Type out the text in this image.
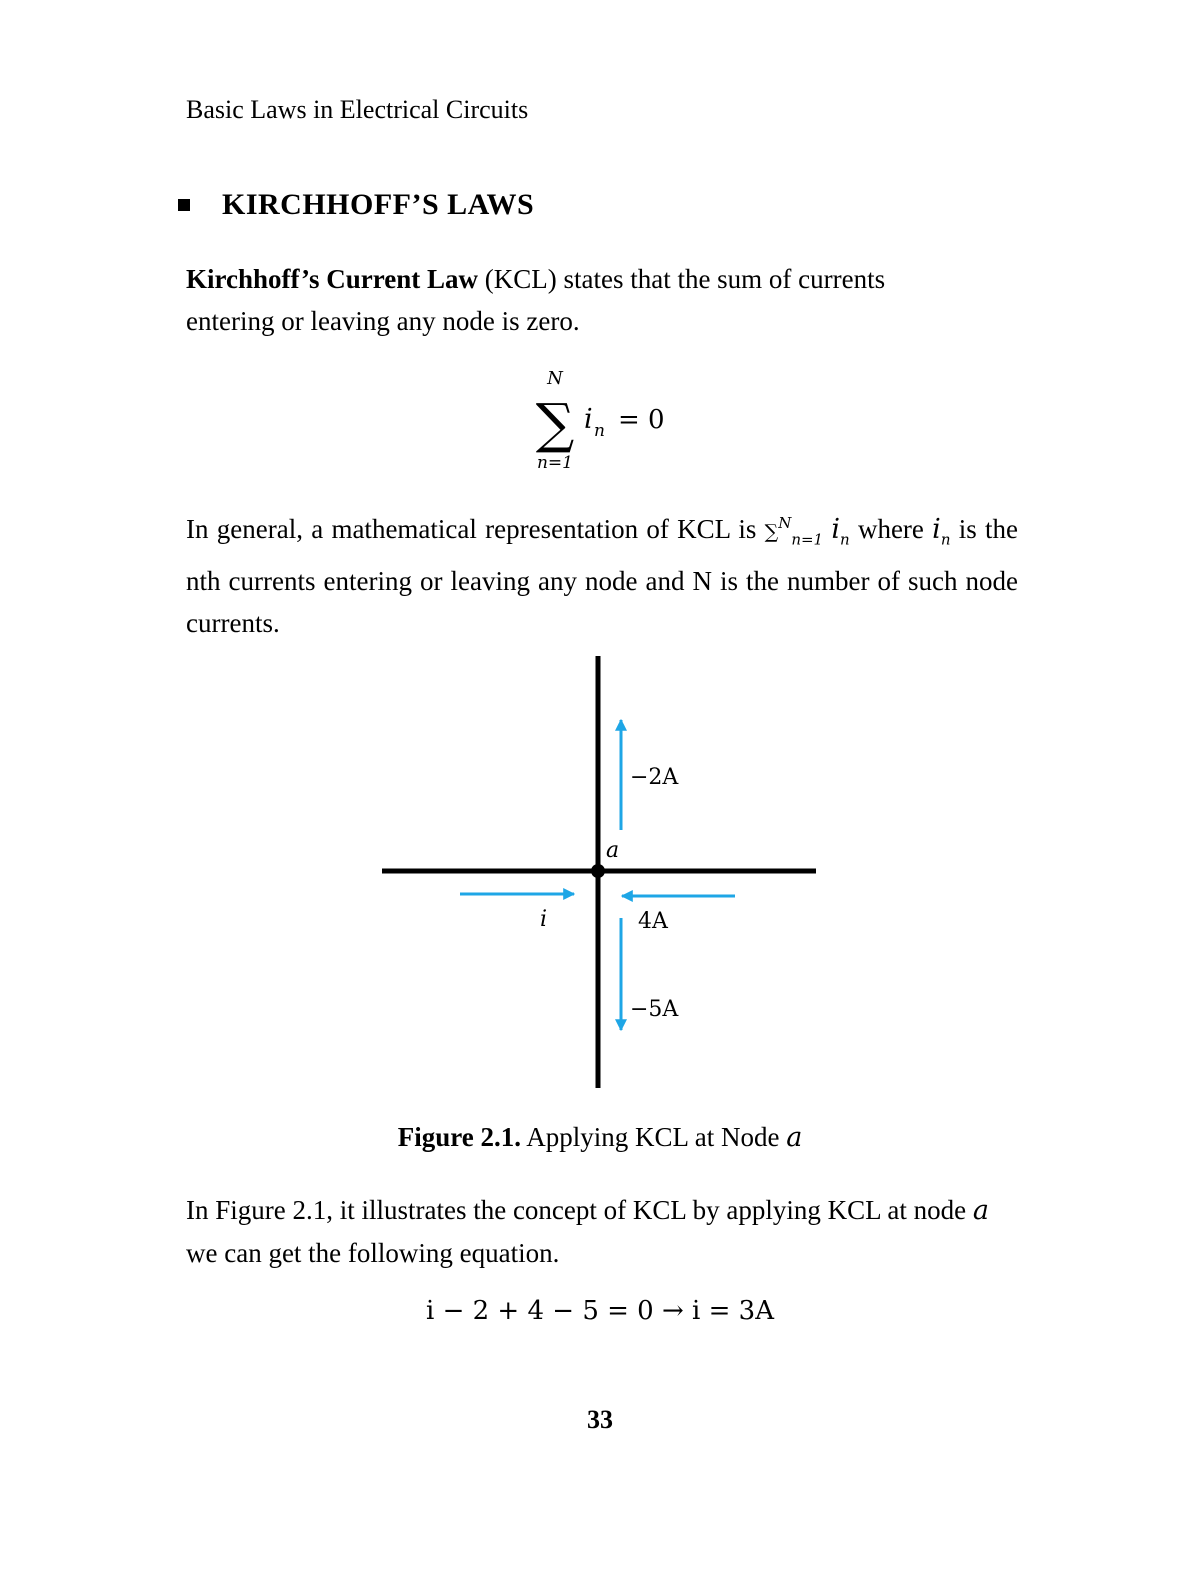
Basic Laws in Electrical Circuits
KIRCHHOFF’S LAWS
Kirchhoff’s Current Law (KCL) states that the sum of currents
entering or leaving any node is zero.
N
∑
n=1
i n = 0
In general, a mathematical representation of KCL is ∑$^N_{n=1}$ $i_n$ where $i_n$ is the nth currents entering or leaving any node and N is the number of such node currents.
a
−2A
i	4A
−5A
Figure 2.1. Applying KCL at Node a
In Figure 2.1, it illustrates the concept of KCL by applying KCL at node a we can get the following equation.
i − 2 + 4 − 5 = 0 → i = 3A
33
